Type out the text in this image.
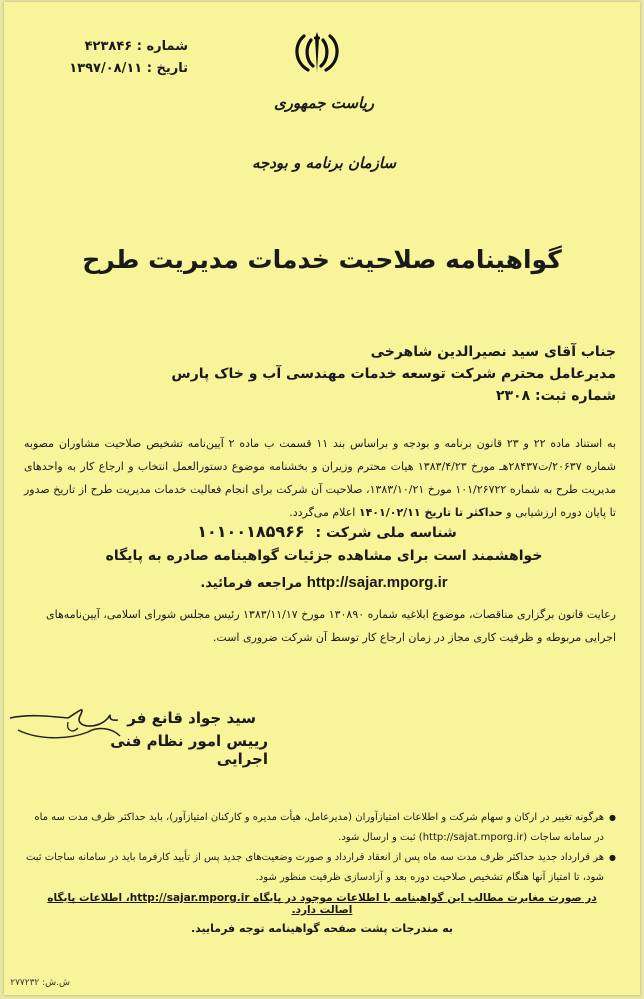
شماره : ۴۲۳۸۴۶
تاریخ : ۱۳۹۷/۰۸/۱۱
ریاست جمهوری
سازمان برنامه و بودجه
گواهینامه صلاحیت خدمات مدیریت طرح
جناب آقای سید نصیرالدین شاهرخی
مدیرعامل محترم شرکت توسعه خدمات مهندسی آب و خاک پارس
شماره ثبت: ۲۳۰۸
به استناد ماده ۲۲ و ۲۳ قانون برنامه و بودجه و براساس بند ۱۱ قسمت ب ماده ۲ آیین‌نامه تشخیص صلاحیت مشاوران مصوبه شماره ۲۰۶۳۷/ت۲۸۴۳۷هـ مورخ ۱۳۸۳/۴/۲۳ هیات محترم وزیران و بخشنامه موضوع دستورالعمل انتخاب و ارجاع کار به واحدهای مدیریت طرح به شماره ۱۰۱/۲۶۷۲۲ مورخ ۱۳۸۳/۱۰/۲۱، صلاحیت آن شرکت برای انجام فعالیت خدمات مدیریت طرح از تاریخ صدور تا پایان دوره ارزشیابی و حداکثر تا تاریخ ۱۴۰۱/۰۲/۱۱ اعلام می‌گردد.
شناسه ملی شرکت : ۱۰۱۰۰۱۸۵۹۶۶
خواهشمند است برای مشاهده جزئیات گواهینامه صادره به پایگاه
http://sajar.mporg.ir مراجعه فرمائید.
رعایت قانون برگزاری مناقصات، موضوع ابلاغیه شماره ۱۳۰۸۹۰ مورخ ۱۳۸۳/۱۱/۱۷ رئیس مجلس شورای اسلامی، آیین‌نامه‌های اجرایی مربوطه و ظرفیت کاری مجاز در زمان ارجاع کار توسط آن شرکت ضروری است.
سید جواد قانع فر
رییس امور نظام فنی اجرایی
● هرگونه تغییر در ارکان و سهام شرکت و اطلاعات امتیازآوران (مدیرعامل، هیأت مدیره و کارکنان امتیازآور)، باید حداکثر ظرف مدت سه ماه در سامانه ساجات (http://sajat.mporg.ir) ثبت و ارسال شود.
● هر قرارداد جدید حداکثر ظرف مدت سه ماه پس از انعقاد قرارداد و صورت وضعیت‌های جدید پس از تأیید کارفرما باید در سامانه ساجات ثبت شود، تا امتیاز آنها هنگام تشخیص صلاحیت دوره بعد و آزادسازی ظرفیت منظور شود.
در صورت مغایرت مطالب این گواهینامه با اطلاعات موجود در پایگاه http://sajar.mporg.ir، اطلاعات پایگاه اصالت دارد.
به مندرجات پشت صفحه گواهینامه توجه فرمایید.
ش.ش: ۲۷۷۲۳۲
